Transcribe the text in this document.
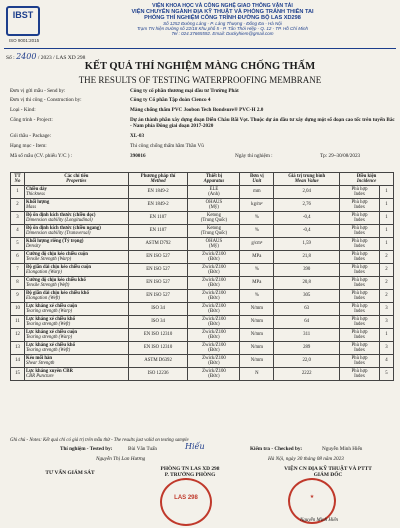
IBST
ISO 9001:2015
VIỆN KHOA HỌC VÀ CÔNG NGHỆ GIAO THÔNG VẬN TẢI
VIỆN CHUYÊN NGÀNH ĐỊA KỸ THUẬT VÀ PHÒNG TRÁNH THIÊN TAI
PHÒNG THÍ NGHIỆM CÔNG TRÌNH ĐƯỜNG BỘ LAS XD298
Số 1252 Đường Láng - P. Láng Thượng - Đống Đa - Hà Nội
Trạm TN hiện trường số 22/18 Khu phố 5 - P. Tân Thới Hiệp - Q. 12 - TP. Hồ Chí Minh
Tel : 024.37665592. Email: Duckyhiem@gmail.com
Số : 2400 / 2023 / LAS XD 298
KẾT QUẢ THÍ NGHIỆM MÀNG CHỐNG THẤM
THE RESULTS OF TESTING WATERPROOFING MEMBRANE
Đơn vị gửi mẫu - Send by:	Công ty cổ phần thương mại dầu tư Trường Phát
Đơn vị thi công - Construction by:	Công ty Cổ phần Tập đoàn Cienco 4
Loại - Kind:	Màng chống thấm PVC Joobon Tech Bondsure® PVC-H 2.0
Công trình - Project:	Dự án thành phần xây dựng đoạn Diễn Châu Bãi Vọt. Thuộc dự án đầu tư xây dựng một số đoạn cao tốc trên tuyến Bắc - Nam phía Đông giai đoạn 2017-2020
Gói thầu - Package:	XL-03
Hạng mục - Item:	Thi công chống thấm hầm Thần Vũ
Mã số mẫu (CV. phiếu Y/C ) :	390016	Ngày thí nghiệm :	Tp: 29~30/08/2023
TT
No	Các chỉ tiêu
Properties	Phương pháp thí
Method	Thiết bị
Apparatus	Đơn vị
Unit	Giá trị trung bình
Mean Value	Điều kiện
Incidence	
1	Chiều dày
Thickness	EN 1849-2	ELE
(Anh)	mm	2,04	Phù hợp
Index	1
2	Khối lượng
Mass	EN 1849-2	OHAUS
(Mỹ)	kg/m²	2,76	Phù hợp
Index	1
3	Độ ổn định kích thước (chiều dọc)
Dimension stability (Longitudinal)	EN 1107	Ketong
(Trung Quốc)	%	-0,4	Phù hợp
Index	1
4	Độ ổn định kích thước (chiều ngang)
Dimension stability (Transversal)	EN 1107	Ketong
(Trung Quốc)	%	-0,4	Phù hợp
Index	1
5	Khối lượng riêng (Tỷ trọng)
Density	ASTM D792	OHAUS
(Mỹ)	g/cm³	1,59	Phù hợp
Index	1
6	Cường độ chịu kéo chiều cuộn
Tensile Strength (Warp)	EN ISO 527	Zwick/Z100
(Đức)	MPa	21,8	Phù hợp
Index	2
7	Độ giãn dài chịu kéo chiều cuộn
Elongation (Warp)	EN ISO 527	Zwick/Z100
(Đức)	%	390	Phù hợp
Index	2
8	Cường độ chịu kéo chiều khổ
Tensile Strength (Weft)	EN ISO 527	Zwick/Z100
(Đức)	MPa	20,8	Phù hợp
Index	2
9	Độ giãn dài chịu kéo chiều khổ
Elongation (Weft)	EN ISO 527	Zwick/Z100
(Đức)	%	305	Phù hợp
Index	2
10	Lực kháng xé chiều cuộn
Tearing strength (Warp)	ISO 34	Zwick/Z100
(Đức)	N/mm	63	Phù hợp
Index	3
11	Lực kháng xé chiều khổ
Tearing strength (Weft)	ISO 34	Zwick/Z100
(Đức)	N/mm	64	Phù hợp
Index	3
12	Lực kháng xé chiều cuộn
Tearing strength (Warp)	EN ISO 12310	Zwick/Z100
(Đức)	N/mm	311	Phù hợp
Index	1
13	Lực kháng xé chiều khổ
Tearing strength (Weft)	EN ISO 12310	Zwick/Z100
(Đức)	N/mm	289	Phù hợp
Index	3
14	Kéo mối hàn
Shear Strength	ASTM D6392	Zwick/Z100
(Đức)	N/mm	22,0	Phù hợp
Index	4
15	Lực kháng xuyên CBR
CBR Puncture	ISO 12236	Zwick/Z100
(Đức)	N	2222	Phù hợp
Index	5
Ghi chú - Notes: Kết quả chỉ có giá trị trên mẫu thử - The results just valid on testing sample
Thí nghiệm - Tested by:	Bùi Văn Tuấn	Hiếu	Kiểm tra - Checked by:	Nguyễn Minh Hiển
Nguyễn Thị Lan Hương	Hà Nội, ngày 30 tháng 08 năm 2023
TƯ VẤN GIÁM SÁT
PHÒNG TN LAS XD 298
P. TRƯỞNG PHÒNG
VIỆN CN ĐỊA KỸ THUẬT VÀ PTTT
GIÁM ĐỐC
LAS 298	★
Nguyễn Minh Hiển
